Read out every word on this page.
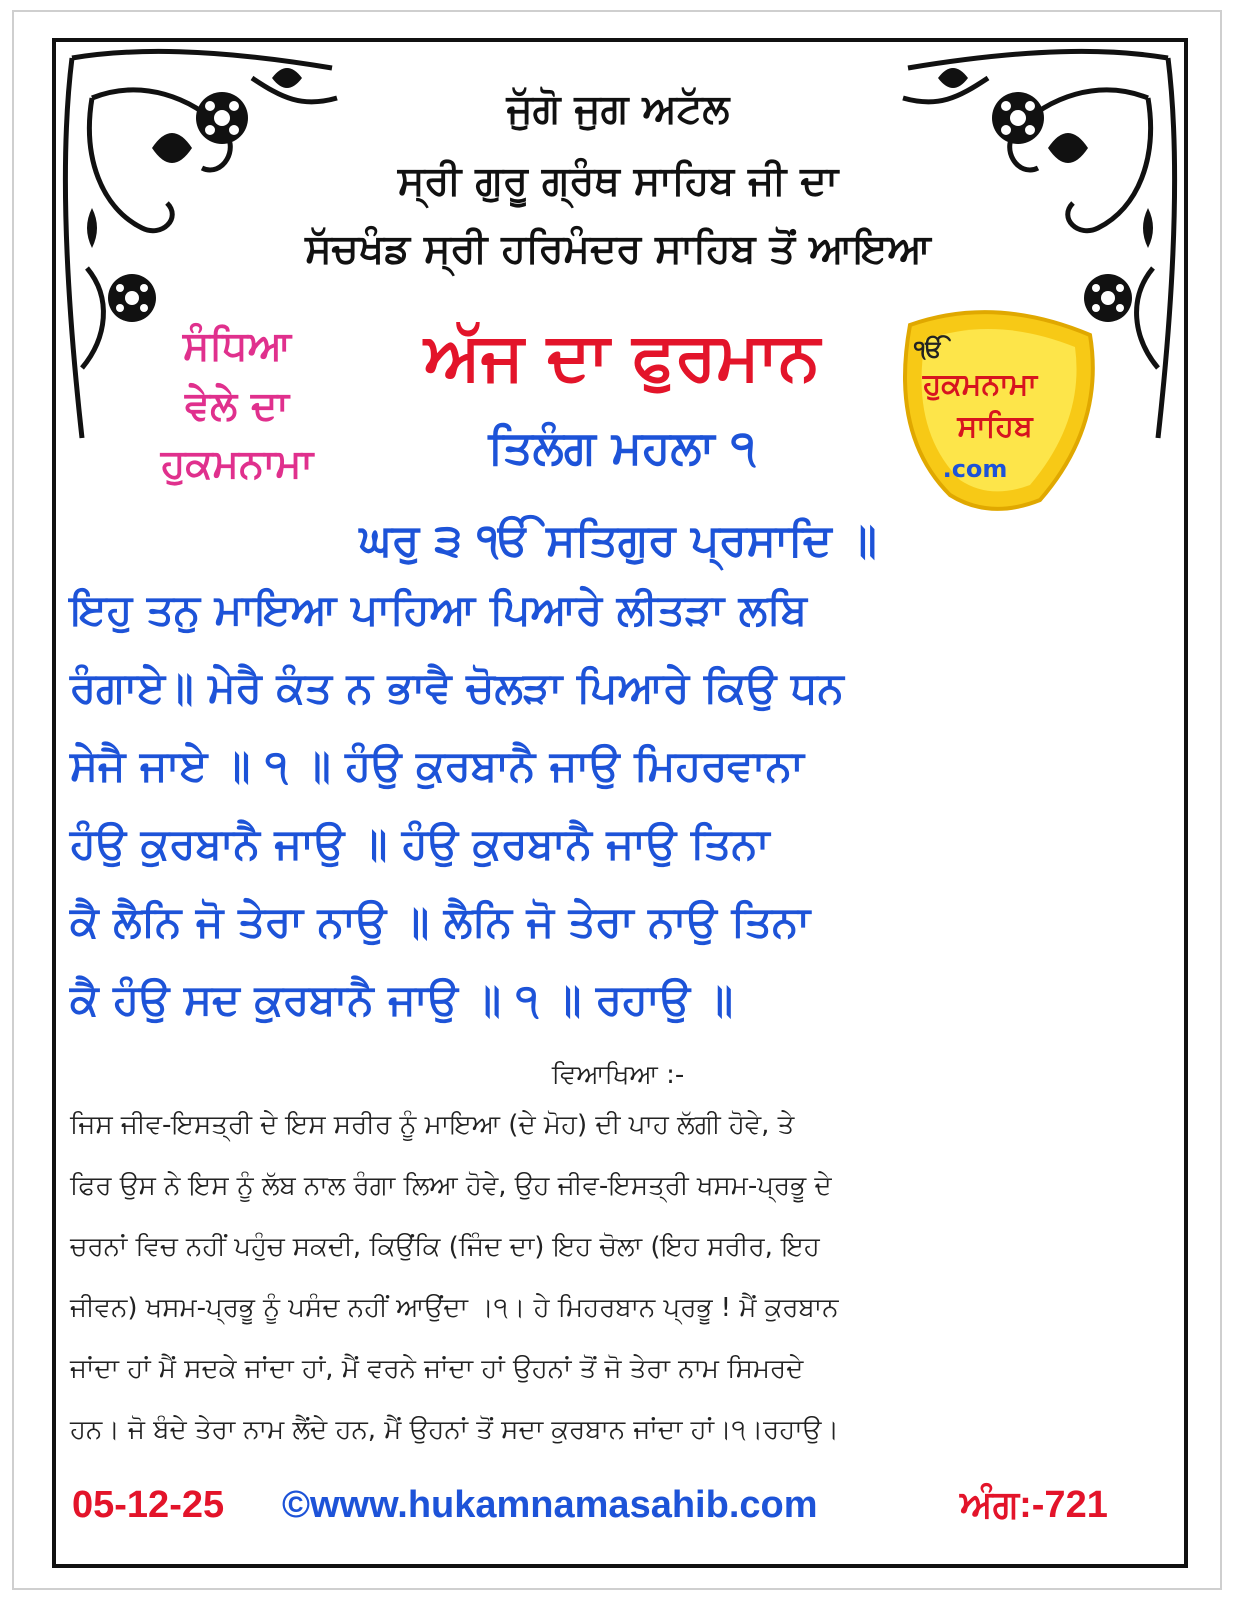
ਜੁੱਗੋ ਜੁਗ ਅਟੱਲ
ਸ੍ਰੀ ਗੁਰੂ ਗ੍ਰੰਥ ਸਾਹਿਬ ਜੀ ਦਾ
ਸੱਚਖੰਡ ਸ੍ਰੀ ਹਰਿਮੰਦਰ ਸਾਹਿਬ ਤੋਂ ਆਇਆ
ਸੰਧਿਆ
ਵੇਲੇ ਦਾ
ਹੁਕਮਨਾਮਾ
ਅੱਜ ਦਾ ਫੁਰਮਾਨ
ਤਿਲੰਗ ਮਹਲਾ ੧
ੴ
ਹੁਕਮਨਾਮਾ
ਸਾਹਿਬ
.com
ਘਰੁ ੩ ੴ ਸਤਿਗੁਰ ਪ੍ਰਸਾਦਿ ॥
ਇਹੁ ਤਨੁ ਮਾਇਆ ਪਾਹਿਆ ਪਿਆਰੇ ਲੀਤੜਾ ਲਬਿ
ਰੰਗਾਏ॥ ਮੇਰੈ ਕੰਤ ਨ ਭਾਵੈ ਚੋਲੜਾ ਪਿਆਰੇ ਕਿਉ ਧਨ
ਸੇਜੈ ਜਾਏ ॥ ੧ ॥ ਹੰਉ ਕੁਰਬਾਨੈ ਜਾਉ ਮਿਹਰਵਾਨਾ
ਹੰਉ ਕੁਰਬਾਨੈ ਜਾਉ ॥ ਹੰਉ ਕੁਰਬਾਨੈ ਜਾਉ ਤਿਨਾ
ਕੈ ਲੈਨਿ ਜੋ ਤੇਰਾ ਨਾਉ ॥ ਲੈਨਿ ਜੋ ਤੇਰਾ ਨਾਉ ਤਿਨਾ
ਕੈ ਹੰਉ ਸਦ ਕੁਰਬਾਨੈ ਜਾਉ ॥ ੧ ॥ ਰਹਾਉ ॥
ਵਿਆਖਿਆ :-
ਜਿਸ ਜੀਵ-ਇਸਤ੍ਰੀ ਦੇ ਇਸ ਸਰੀਰ ਨੂੰ ਮਾਇਆ (ਦੇ ਮੋਹ) ਦੀ ਪਾਹ ਲੱਗੀ ਹੋਵੇ, ਤੇ
ਫਿਰ ਉਸ ਨੇ ਇਸ ਨੂੰ ਲੱਬ ਨਾਲ ਰੰਗਾ ਲਿਆ ਹੋਵੇ, ਉਹ ਜੀਵ-ਇਸਤ੍ਰੀ ਖਸਮ-ਪ੍ਰਭੂ ਦੇ
ਚਰਨਾਂ ਵਿਚ ਨਹੀਂ ਪਹੁੰਚ ਸਕਦੀ, ਕਿਉਂਕਿ (ਜਿੰਦ ਦਾ) ਇਹ ਚੋਲਾ (ਇਹ ਸਰੀਰ, ਇਹ
ਜੀਵਨ) ਖਸਮ-ਪ੍ਰਭੂ ਨੂੰ ਪਸੰਦ ਨਹੀਂ ਆਉਂਦਾ ।੧। ਹੇ ਮਿਹਰਬਾਨ ਪ੍ਰਭੂ ! ਮੈਂ ਕੁਰਬਾਨ
ਜਾਂਦਾ ਹਾਂ ਮੈਂ ਸਦਕੇ ਜਾਂਦਾ ਹਾਂ, ਮੈਂ ਵਰਨੇ ਜਾਂਦਾ ਹਾਂ ਉਹਨਾਂ ਤੋਂ ਜੋ ਤੇਰਾ ਨਾਮ ਸਿਮਰਦੇ
ਹਨ। ਜੋ ਬੰਦੇ ਤੇਰਾ ਨਾਮ ਲੈਂਦੇ ਹਨ, ਮੈਂ ਉਹਨਾਂ ਤੋਂ ਸਦਾ ਕੁਰਬਾਨ ਜਾਂਦਾ ਹਾਂ।੧।ਰਹਾਉ।
05-12-25 ©www.hukamnamasahib.com	ਅੰਗ:-721
